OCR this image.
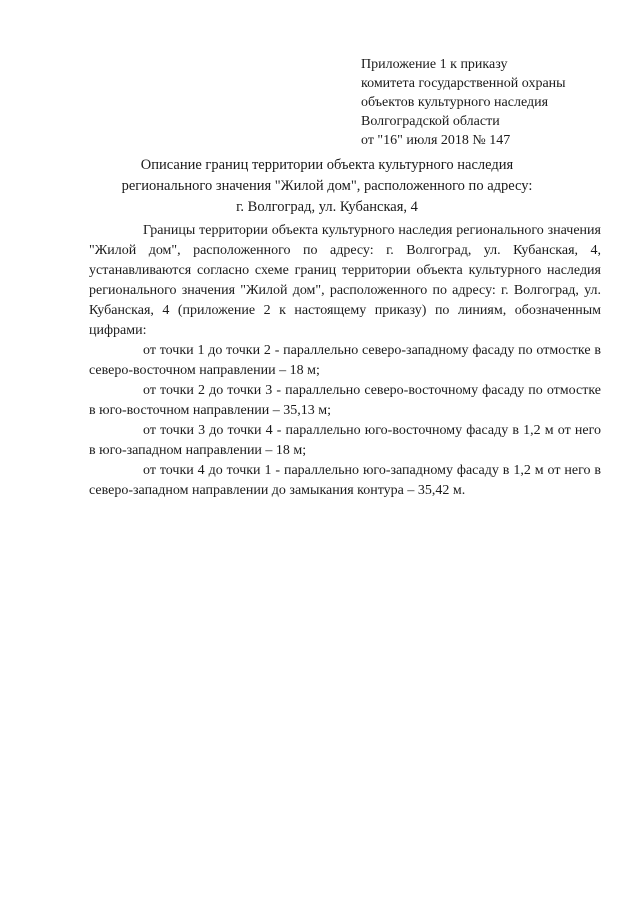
Приложение 1 к приказу
комитета государственной охраны
объектов культурного наследия
Волгоградской области
от "16" июля 2018 № 147
Описание границ территории объекта культурного наследия
регионального значения "Жилой дом", расположенного по адресу:
г. Волгоград, ул. Кубанская, 4

Границы территории объекта культурного наследия регионального значения "Жилой дом", расположенного по адресу: г. Волгоград, ул. Кубанская, 4, устанавливаются согласно схеме границ территории объекта культурного наследия регионального значения "Жилой дом", расположенного по адресу: г. Волгоград, ул. Кубанская, 4 (приложение 2 к настоящему приказу) по линиям, обозначенным цифрами:

от точки 1 до точки 2 - параллельно северо-западному фасаду по отмостке в северо-восточном направлении – 18 м;

от точки 2 до точки 3 - параллельно северо-восточному фасаду по отмостке в юго-восточном направлении – 35,13 м;

от точки 3 до точки 4 - параллельно юго-восточному фасаду в 1,2 м от него в юго-западном направлении – 18 м;

от точки 4 до точки 1 - параллельно юго-западному фасаду в 1,2 м от него в северо-западном направлении до замыкания контура – 35,42 м.
